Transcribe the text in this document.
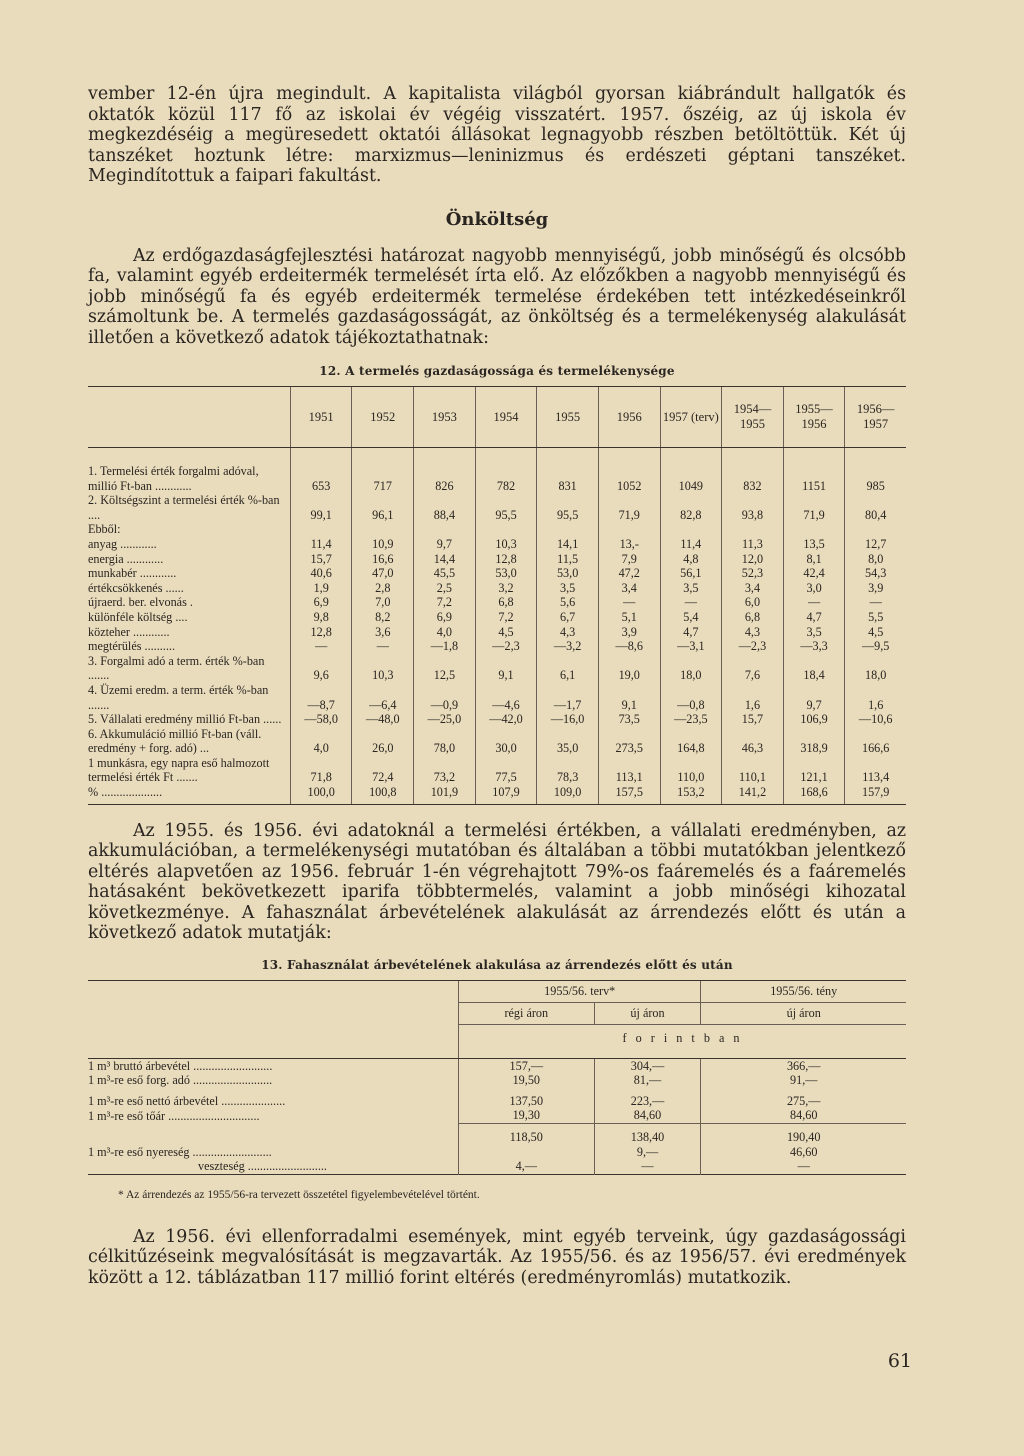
vember 12-én újra megindult. A kapitalista világból gyorsan kiábrándult hallgatók és oktatók közül 117 fő az iskolai év végéig visszatért. 1957. őszéig, az új iskola év megkezdéséig a megüresedett oktatói állásokat legnagyobb részben betöltöttük. Két új tanszéket hoztunk létre: marxizmus—leninizmus és erdészeti géptani tanszéket. Megindítottuk a faipari fakultást.

Önköltség

Az erdőgazdaságfejlesztési határozat nagyobb mennyiségű, jobb minőségű és olcsóbb fa, valamint egyéb erdeitermék termelését írta elő. Az előzőkben a nagyobb mennyiségű és jobb minőségű fa és egyéb erdeitermék termelése érdekében tett intézkedéseinkről számoltunk be. A termelés gazdaságosságát, az önköltség és a termelékenység alakulását illetően a következő adatok tájékoztathatnak:

12. A termelés gazdaságossága és termelékenysége
	1951	1952	1953	1954	1955	1956	1957 (terv)	1954— 1955	1955— 1956	1956— 1957
1. Termelési érték forgalmi adóval, millió Ft-ban ............	653	717	826	782	831	1052	1049	832	1151	985
2. Költségszint a termelési érték %-ban ....	99,1	96,1	88,4	95,5	95,5	71,9	82,8	93,8	71,9	80,4
Ebből:										
anyag ............	11,4	10,9	9,7	10,3	14,1	13,-	11,4	11,3	13,5	12,7
energia ............	15,7	16,6	14,4	12,8	11,5	7,9	4,8	12,0	8,1	8,0
munkabér ............	40,6	47,0	45,5	53,0	53,0	47,2	56,1	52,3	42,4	54,3
értékcsökkenés ......	1,9	2,8	2,5	3,2	3,5	3,4	3,5	3,4	3,0	3,9
újraerd. ber. elvonás .	6,9	7,0	7,2	6,8	5,6	—	—	6,0	—	—
különféle költség ....	9,8	8,2	6,9	7,2	6,7	5,1	5,4	6,8	4,7	5,5
közteher ............	12,8	3,6	4,0	4,5	4,3	3,9	4,7	4,3	3,5	4,5
megtérülés ..........	—	—	—1,8	—2,3	—3,2	—8,6	—3,1	—2,3	—3,3	—9,5
3. Forgalmi adó a term. érték %-ban .......	9,6	10,3	12,5	9,1	6,1	19,0	18,0	7,6	18,4	18,0
4. Üzemi eredm. a term. érték %-ban .......	—8,7	—6,4	—0,9	—4,6	—1,7	9,1	—0,8	1,6	9,7	1,6
5. Vállalati eredmény millió Ft-ban ......	—58,0	—48,0	—25,0	—42,0	—16,0	73,5	—23,5	15,7	106,9	—10,6
6. Akkumuláció millió Ft-ban (váll. eredmény + forg. adó) ...	4,0	26,0	78,0	30,0	35,0	273,5	164,8	46,3	318,9	166,6
1 munkásra, egy napra eső halmozott termelési érték Ft .......	71,8	72,4	73,2	77,5	78,3	113,1	110,0	110,1	121,1	113,4
% ....................	100,0	100,8	101,9	107,9	109,0	157,5	153,2	141,2	168,6	157,9

Az 1955. és 1956. évi adatoknál a termelési értékben, a vállalati eredményben, az akkumulációban, a termelékenységi mutatóban és általában a többi mutatókban jelentkező eltérés alapvetően az 1956. február 1-én végrehajtott 79%-os faáremelés és a faáremelés hatásaként bekövetkezett iparifa többtermelés, valamint a jobb minőségi kihozatal következménye. A fahasználat árbevételének alakulását az árrendezés előtt és után a következő adatok mutatják:

13. Fahasználat árbevételének alakulása az árrendezés előtt és után
	1955/56. terv*		1955/56. tény
	régi áron	új áron	új áron
	f o r i n t b a n		
1 m³ bruttó árbevétel ..........................	157,—	304,—	366,—
1 m³-re eső forg. adó ..........................	19,50	81,—	91,—
1 m³-re eső nettó árbevétel .....................	137,50	223,—	275,—
1 m³-re eső tőár ..............................	19,30	84,60	84,60
	118,50	138,40	190,40
1 m³-re eső nyereség ..........................		9,—	46,60
veszteség ..........................	4,—	—	—
* Az árrendezés az 1955/56-ra tervezett összetétel figyelembevételével történt.

Az 1956. évi ellenforradalmi események, mint egyéb terveink, úgy gazdaságossági célkitűzéseink megvalósítását is megzavarták. Az 1955/56. és az 1956/57. évi eredmények között a 12. táblázatban 117 millió forint eltérés (eredményromlás) mutatkozik.

61
